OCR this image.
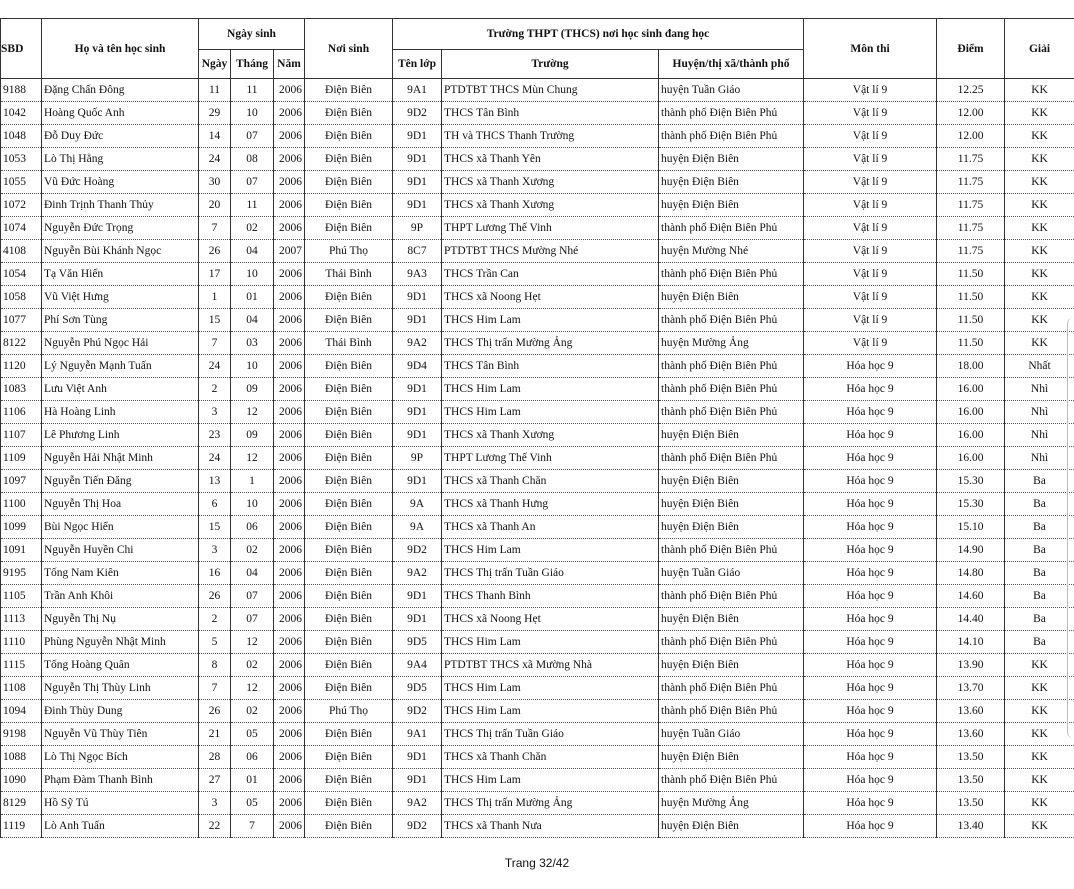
SBD	Họ và tên học sinh	Ngày sinh			Nơi sinh	Trường THPT (THCS) nơi học sinh đang học			Môn thi	Điểm	Giải
		Ngày	Tháng	Năm		Tên lớp	Trường	Huyện/thị xã/thành phố			
9188	Đặng Chấn Đông	11	11	2006	Điện Biên	9A1	PTDTBT THCS Mùn Chung	huyện Tuần Giáo	Vật lí 9	12.25	KK
1042	Hoàng Quốc Anh	29	10	2006	Điện Biên	9D2	THCS Tân Bình	thành phố Điện Biên Phủ	Vật lí 9	12.00	KK
1048	Đỗ Duy Đức	14	07	2006	Điện Biên	9D1	TH và THCS Thanh Trường	thành phố Điện Biên Phủ	Vật lí 9	12.00	KK
1053	Lò Thị Hằng	24	08	2006	Điện Biên	9D1	THCS xã Thanh Yên	huyện Điện Biên	Vật lí 9	11.75	KK
1055	Vũ Đức Hoàng	30	07	2006	Điện Biên	9D1	THCS xã Thanh Xương	huyện Điện Biên	Vật lí 9	11.75	KK
1072	Đinh Trịnh Thanh Thủy	20	11	2006	Điện Biên	9D1	THCS xã Thanh Xương	huyện Điện Biên	Vật lí 9	11.75	KK
1074	Nguyễn Đức Trọng	7	02	2006	Điện Biên	9P	THPT Lương Thế Vinh	thành phố Điện Biên Phủ	Vật lí 9	11.75	KK
4108	Nguyễn Bùi Khánh Ngọc	26	04	2007	Phú Thọ	8C7	PTDTBT THCS Mường Nhé	huyện Mường Nhé	Vật lí 9	11.75	KK
1054	Tạ Văn Hiển	17	10	2006	Thái Bình	9A3	THCS Trần Can	thành phố Điện Biên Phủ	Vật lí 9	11.50	KK
1058	Vũ Việt Hưng	1	01	2006	Điện Biên	9D1	THCS xã Noong Hẹt	huyện Điện Biên	Vật lí 9	11.50	KK
1077	Phí Sơn Tùng	15	04	2006	Điện Biên	9D1	THCS Him Lam	thành phố Điện Biên Phủ	Vật lí 9	11.50	KK
8122	Nguyễn Phú Ngọc Hải	7	03	2006	Thái Bình	9A2	THCS Thị trấn Mường Ảng	huyện Mường Ảng	Vật lí 9	11.50	KK
1120	Lý Nguyễn Mạnh Tuấn	24	10	2006	Điện Biên	9D4	THCS Tân Bình	thành phố Điện Biên Phủ	Hóa học 9	18.00	Nhất
1083	Lưu Việt Anh	2	09	2006	Điện Biên	9D1	THCS Him Lam	thành phố Điện Biên Phủ	Hóa học 9	16.00	Nhì
1106	Hà Hoàng Linh	3	12	2006	Điện Biên	9D1	THCS Him Lam	thành phố Điện Biên Phủ	Hóa học 9	16.00	Nhì
1107	Lê Phương Linh	23	09	2006	Điện Biên	9D1	THCS xã Thanh Xương	huyện Điện Biên	Hóa học 9	16.00	Nhì
1109	Nguyễn Hải Nhật Minh	24	12	2006	Điện Biên	9P	THPT Lương Thế Vinh	thành phố Điện Biên Phủ	Hóa học 9	16.00	Nhì
1097	Nguyễn Tiến Đăng	13	1	2006	Điện Biên	9D1	THCS xã Thanh Chăn	huyện Điện Biên	Hóa học 9	15.30	Ba
1100	Nguyễn Thị Hoa	6	10	2006	Điện Biên	9A	THCS xã Thanh Hưng	huyện Điện Biên	Hóa học 9	15.30	Ba
1099	Bùi Ngọc Hiển	15	06	2006	Điện Biên	9A	THCS xã Thanh An	huyện Điện Biên	Hóa học 9	15.10	Ba
1091	Nguyễn Huyền Chi	3	02	2006	Điện Biên	9D2	THCS Him Lam	thành phố Điện Biên Phủ	Hóa học 9	14.90	Ba
9195	Tống Nam Kiên	16	04	2006	Điện Biên	9A2	THCS Thị trấn Tuần Giáo	huyện Tuần Giáo	Hóa học 9	14.80	Ba
1105	Trần Anh Khôi	26	07	2006	Điện Biên	9D1	THCS Thanh Bình	thành phố Điện Biên Phủ	Hóa học 9	14.60	Ba
1113	Nguyễn Thị Nụ	2	07	2006	Điện Biên	9D1	THCS xã Noong Hẹt	huyện Điện Biên	Hóa học 9	14.40	Ba
1110	Phùng Nguyễn Nhật Minh	5	12	2006	Điện Biên	9D5	THCS Him Lam	thành phố Điện Biên Phủ	Hóa học 9	14.10	Ba
1115	Tống Hoàng Quân	8	02	2006	Điện Biên	9A4	PTDTBT THCS xã Mường Nhà	huyện Điện Biên	Hóa học 9	13.90	KK
1108	Nguyễn Thị Thùy Linh	7	12	2006	Điện Biên	9D5	THCS Him Lam	thành phố Điện Biên Phủ	Hóa học 9	13.70	KK
1094	Đinh Thùy Dung	26	02	2006	Phú Thọ	9D2	THCS Him Lam	thành phố Điện Biên Phủ	Hóa học 9	13.60	KK
9198	Nguyễn Vũ Thùy Tiên	21	05	2006	Điện Biên	9A1	THCS Thị trấn Tuần Giáo	huyện Tuần Giáo	Hóa học 9	13.60	KK
1088	Lò Thị Ngọc Bích	28	06	2006	Điện Biên	9D1	THCS xã Thanh Chăn	huyện Điện Biên	Hóa học 9	13.50	KK
1090	Phạm Đàm Thanh Bình	27	01	2006	Điện Biên	9D1	THCS Him Lam	thành phố Điện Biên Phủ	Hóa học 9	13.50	KK
8129	Hồ Sỹ Tú	3	05	2006	Điện Biên	9A2	THCS Thị trấn Mường Ảng	huyện Mường Ảng	Hóa học 9	13.50	KK
1119	Lò Anh Tuấn	22	7	2006	Điện Biên	9D2	THCS xã Thanh Nưa	huyện Điện Biên	Hóa học 9	13.40	KK
Trang 32/42
